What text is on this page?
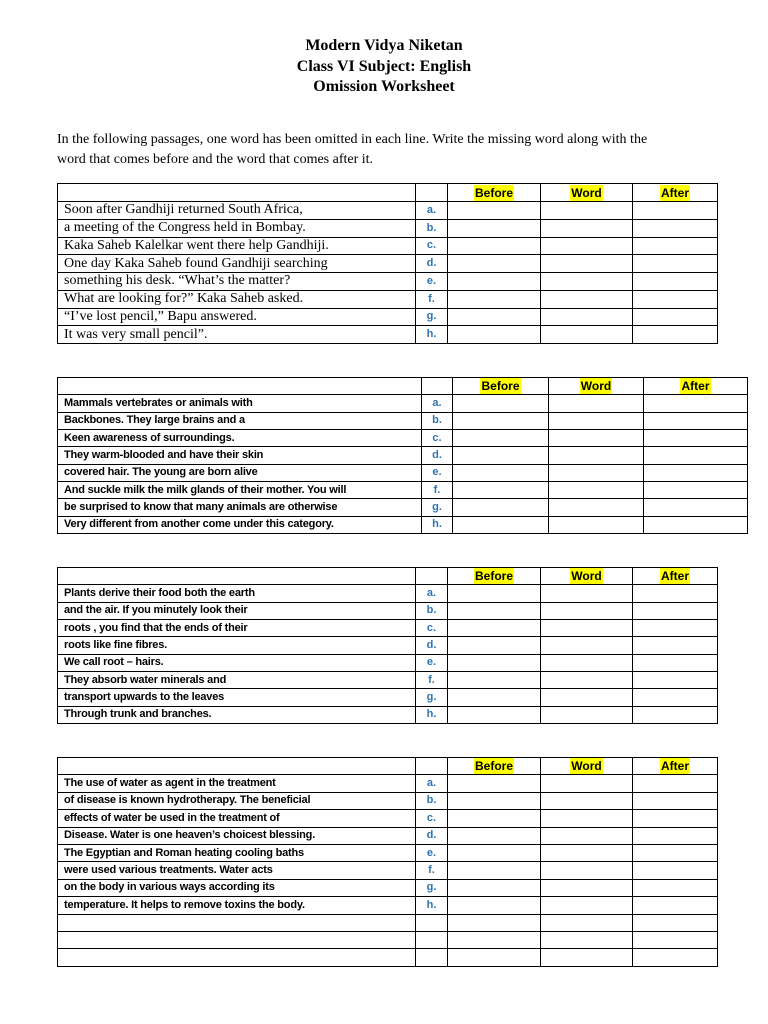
Modern Vidya Niketan
Class VI Subject: English
Omission Worksheet
In the following passages, one word has been omitted in each line. Write the missing word along with the
word that comes before and the word that comes after it.
		Before	Word	After
Soon after Gandhiji returned South Africa,	a.			
a meeting of the Congress held in Bombay.	b.			
Kaka Saheb Kalelkar went there help Gandhiji.	c.			
One day Kaka Saheb found Gandhiji searching	d.			
something his desk. “What’s the matter?	e.			
What are looking for?” Kaka Saheb asked.	f.			
“I’ve lost pencil,” Bapu answered.	g.			
It was very small pencil”.	h.			
		Before	Word	After
Mammals vertebrates or animals with	a.			
Backbones. They large brains and a	b.			
Keen awareness of surroundings.	c.			
They warm-blooded and have their skin	d.			
covered hair. The young are born alive	e.			
And suckle milk the milk glands of their mother. You will	f.			
be surprised to know that many animals are otherwise	g.			
Very different from another come under this category.	h.			
		Before	Word	After
Plants derive their food both the earth	a.			
and the air. If you minutely look their	b.			
roots , you find that the ends of their	c.			
roots like fine fibres.	d.			
We call root – hairs.	e.			
They absorb water minerals and	f.			
transport upwards to the leaves	g.			
Through trunk and branches.	h.			
		Before	Word	After
The use of water as agent in the treatment	a.			
of disease is known hydrotherapy. The beneficial	b.			
effects of water be used in the treatment of	c.			
Disease. Water is one heaven’s choicest blessing.	d.			
The Egyptian and Roman heating cooling baths	e.			
were used various treatments. Water acts	f.			
on the body in various ways according its	g.			
temperature. It helps to remove toxins the body.	h.			
